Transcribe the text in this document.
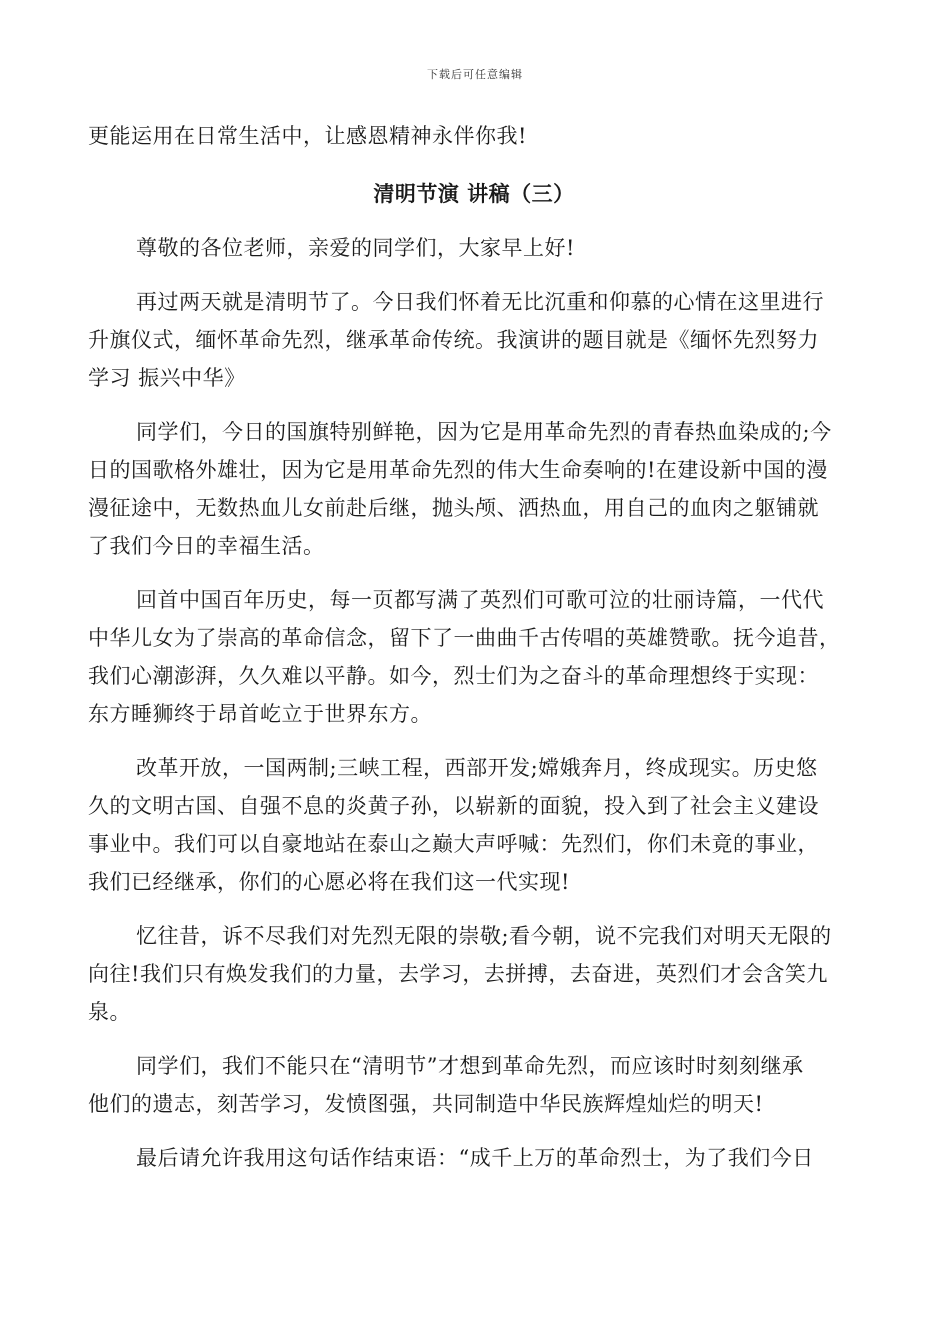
下载后可任意编辑

更能运用在日常生活中，让感恩精神永伴你我!

清明节演 讲稿（三）

尊敬的各位老师，亲爱的同学们，大家早上好!

再过两天就是清明节了。今日我们怀着无比沉重和仰慕的心情在这里进行

升旗仪式，缅怀革命先烈，继承革命传统。我演讲的题目就是《缅怀先烈努力

学习 振兴中华》

同学们，今日的国旗特别鲜艳，因为它是用革命先烈的青春热血染成的;今

日的国歌格外雄壮，因为它是用革命先烈的伟大生命奏响的!在建设新中国的漫

漫征途中，无数热血儿女前赴后继，抛头颅、洒热血，用自己的血肉之躯铺就

了我们今日的幸福生活。

回首中国百年历史，每一页都写满了英烈们可歌可泣的壮丽诗篇，一代代

中华儿女为了崇高的革命信念，留下了一曲曲千古传唱的英雄赞歌。抚今追昔，

我们心潮澎湃，久久难以平静。如今，烈士们为之奋斗的革命理想终于实现：

东方睡狮终于昂首屹立于世界东方。

改革开放，一国两制;三峡工程，西部开发;嫦娥奔月，终成现实。历史悠

久的文明古国、自强不息的炎黄子孙，以崭新的面貌，投入到了社会主义建设

事业中。我们可以自豪地站在泰山之巅大声呼喊：先烈们，你们未竟的事业，

我们已经继承，你们的心愿必将在我们这一代实现!

忆往昔，诉不尽我们对先烈无限的崇敬;看今朝，说不完我们对明天无限的

向往!我们只有焕发我们的力量，去学习，去拼搏，去奋进，英烈们才会含笑九

泉。

同学们，我们不能只在“清明节”才想到革命先烈，而应该时时刻刻继承

他们的遗志，刻苦学习，发愤图强，共同制造中华民族辉煌灿烂的明天!

最后请允许我用这句话作结束语：“成千上万的革命烈士，为了我们今日
